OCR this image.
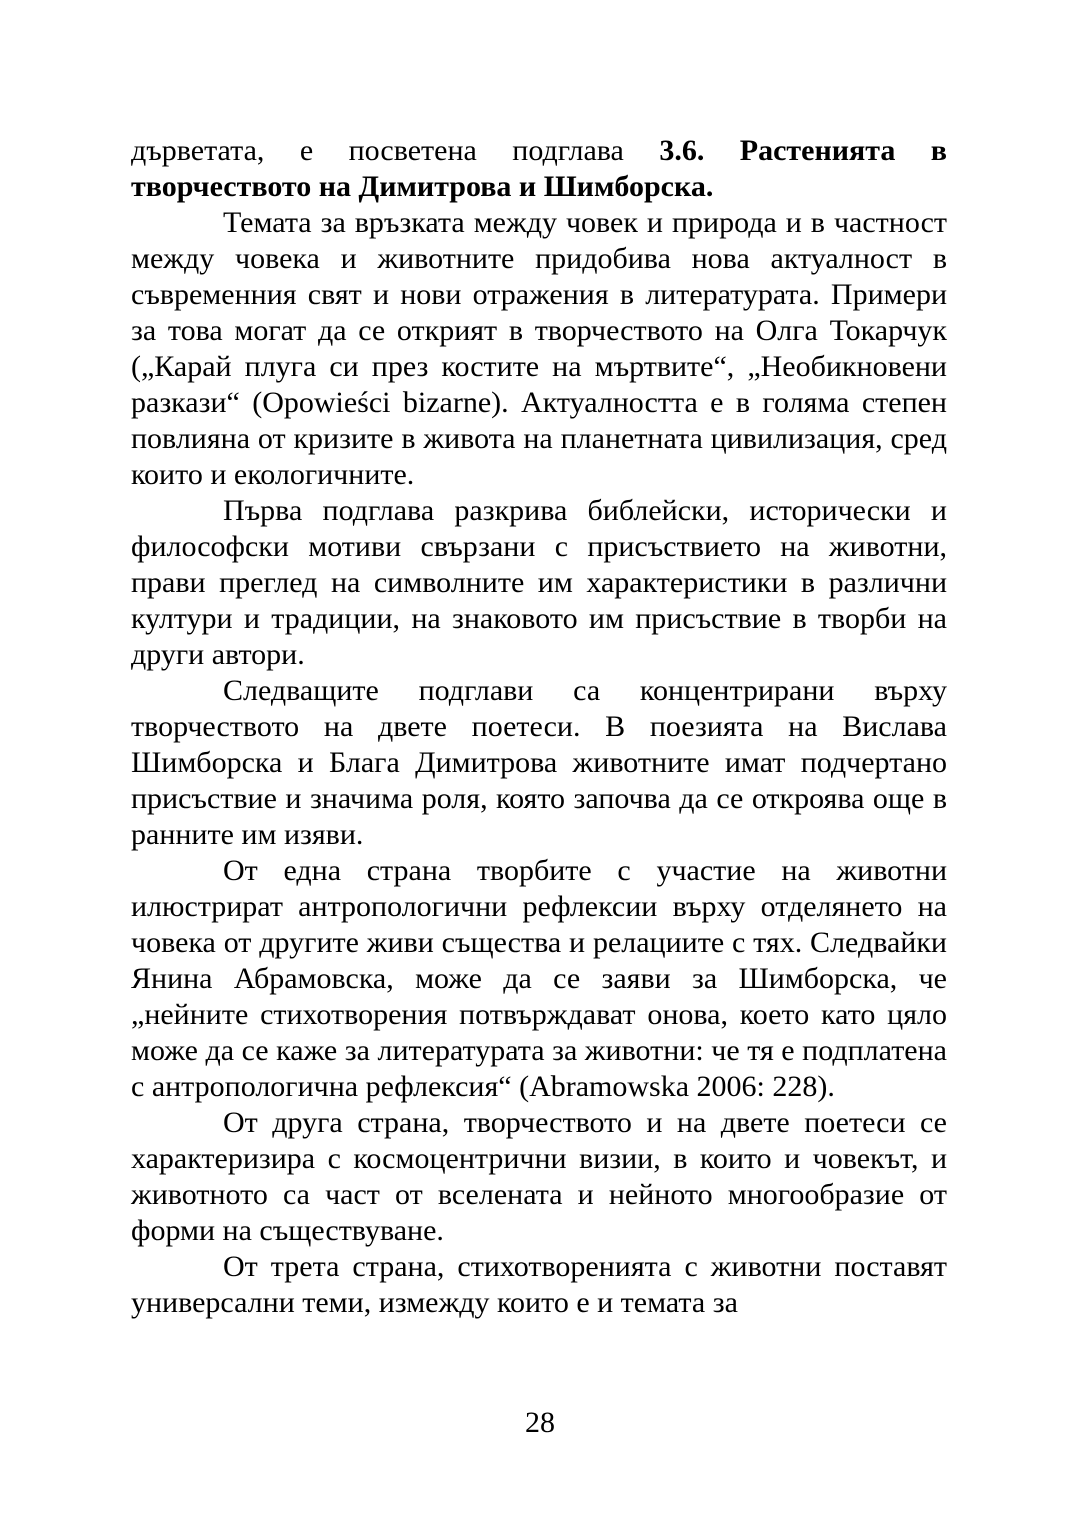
дърветата, е посветена подглава 3.6. Растенията в творчеството на Димитрова и Шимборска.

Темата за връзката между човек и природа и в частност между човека и животните придобива нова актуалност в съвременния свят и нови отражения в литературата. Примери за това могат да се открият в творчеството на Олга Токарчук („Карай плуга си през костите на мъртвите“, „Необикновени разкази“ (Opowieści bizarne). Актуалността е в голяма степен повлияна от кризите в живота на планетната цивилизация, сред които и екологичните.

Първа подглава разкрива библейски, исторически и философски мотиви свързани с присъствието на животни, прави преглед на символните им характеристики в различни култури и традиции, на знаковото им присъствие в творби на други автори.

Следващите подглави са концентрирани върху творчеството на двете поетеси. В поезията на Вислава Шимборска и Блага Димитрова животните имат подчертано присъствие и значима роля, която започва да се откроява още в ранните им изяви.

От една страна творбите с участие на животни илюстрират антропологични рефлексии върху отделянето на човека от другите живи същества и релациите с тях. Следвайки Янина Абрамовска, може да се заяви за Шимборска, че „нейните стихотворения потвърждават онова, което като цяло може да се каже за литературата за животни: че тя е подплатена с антропологична рефлексия“ (Abramowska 2006: 228).

От друга страна, творчеството и на двете поетеси се характеризира с космоцентрични визии, в които и човекът, и животното са част от вселената и нейното многообразие от форми на съществуване.

От трета страна, стихотворенията с животни поставят универсални теми, измежду които е и темата за

28
